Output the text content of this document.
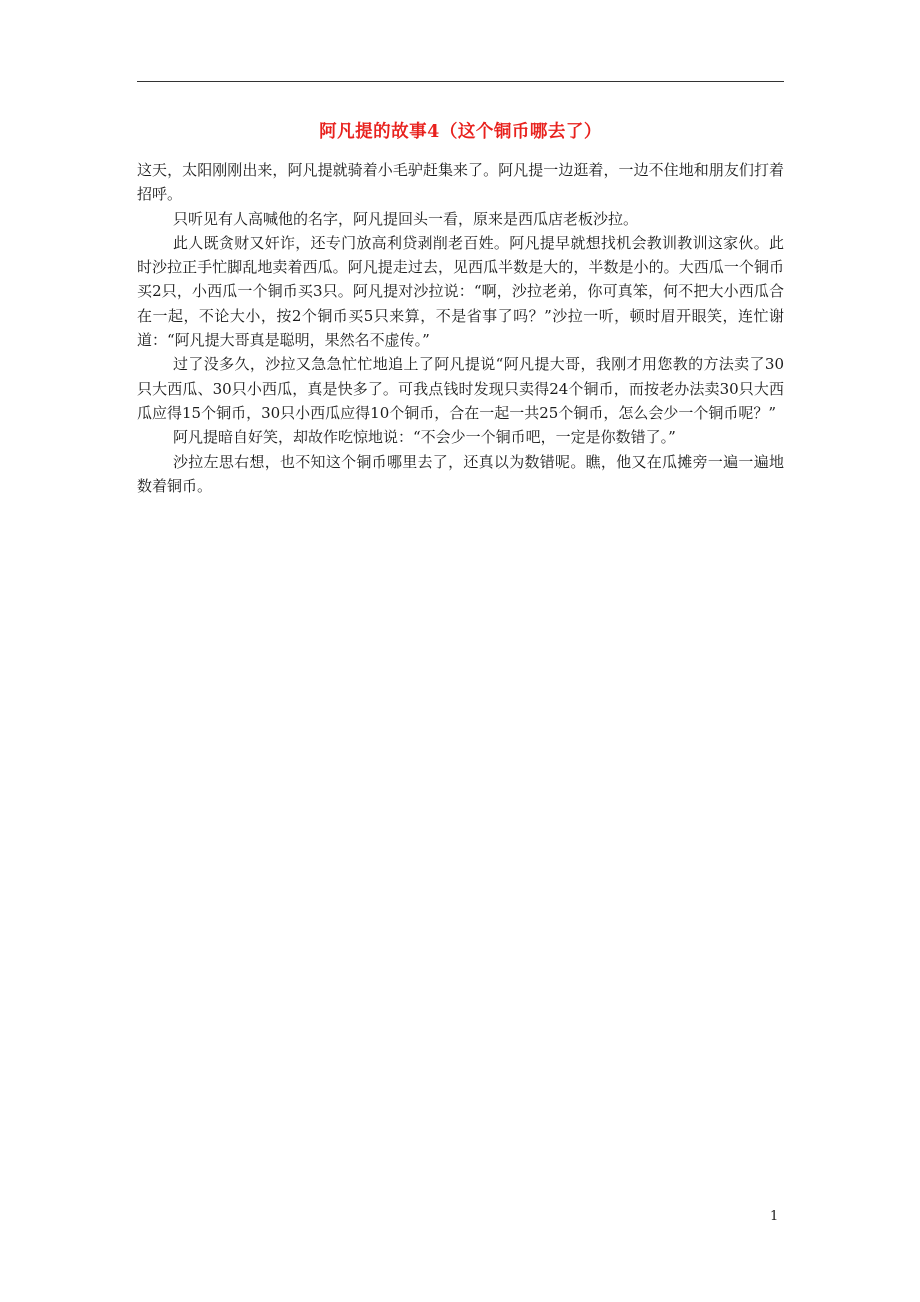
阿凡提的故事4（这个铜币哪去了）

这天，太阳刚刚出来，阿凡提就骑着小毛驴赶集来了。阿凡提一边逛着，一边不住地和朋友们打着招呼。

只听见有人高喊他的名字，阿凡提回头一看，原来是西瓜店老板沙拉。

此人既贪财又奸诈，还专门放高利贷剥削老百姓。阿凡提早就想找机会教训教训这家伙。此时沙拉正手忙脚乱地卖着西瓜。阿凡提走过去，见西瓜半数是大的，半数是小的。大西瓜一个铜币买2只，小西瓜一个铜币买3只。阿凡提对沙拉说：“啊，沙拉老弟，你可真笨，何不把大小西瓜合在一起，不论大小，按2个铜币买5只来算，不是省事了吗？”沙拉一听，顿时眉开眼笑，连忙谢道：“阿凡提大哥真是聪明，果然名不虚传。”

过了没多久，沙拉又急急忙忙地追上了阿凡提说“阿凡提大哥，我刚才用您教的方法卖了30只大西瓜、30只小西瓜，真是快多了。可我点钱时发现只卖得24个铜币，而按老办法卖30只大西瓜应得15个铜币，30只小西瓜应得10个铜币，合在一起一共25个铜币，怎么会少一个铜币呢？”

阿凡提暗自好笑，却故作吃惊地说：“不会少一个铜币吧，一定是你数错了。”

沙拉左思右想，也不知这个铜币哪里去了，还真以为数错呢。瞧，他又在瓜摊旁一遍一遍地数着铜币。

1
